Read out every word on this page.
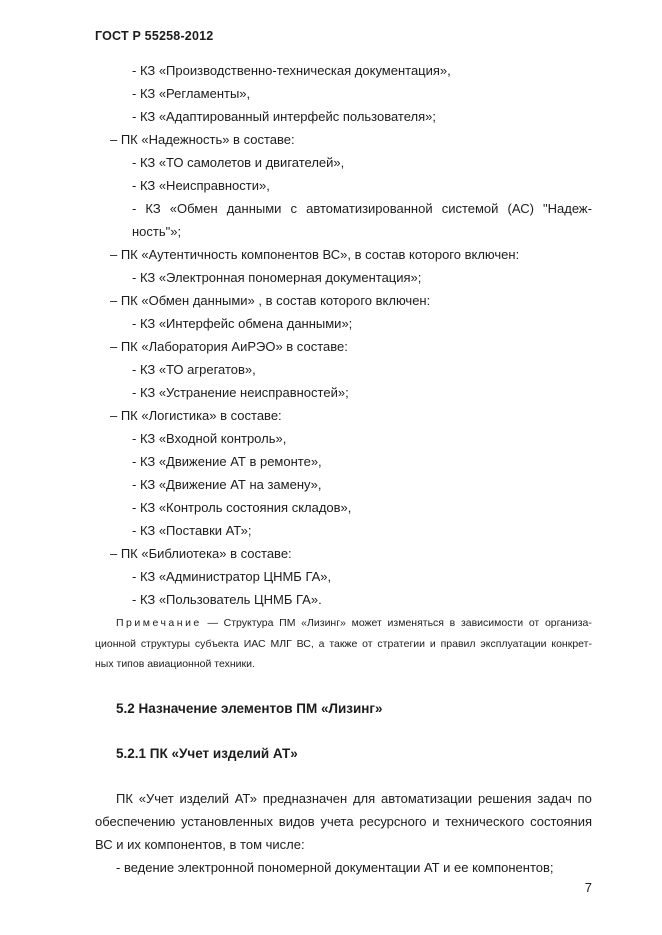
ГОСТ Р 55258-2012
- КЗ «Производственно-техническая документация»,
- КЗ «Регламенты»,
- КЗ «Адаптированный интерфейс пользователя»;
– ПК «Надежность» в составе:
- КЗ «ТО самолетов и двигателей»,
- КЗ «Неисправности»,
- КЗ «Обмен данными с автоматизированной системой (АС) "Надеж-
ность"»;
– ПК «Аутентичность компонентов ВС», в состав которого включен:
- КЗ «Электронная пономерная документация»;
– ПК «Обмен данными» , в состав которого включен:
- КЗ «Интерфейс обмена данными»;
– ПК «Лаборатория АиРЭО» в составе:
- КЗ «ТО агрегатов»,
- КЗ «Устранение неисправностей»;
– ПК «Логистика» в составе:
- КЗ «Входной контроль»,
- КЗ «Движение АТ в ремонте»,
- КЗ «Движение АТ на замену»,
- КЗ «Контроль состояния складов»,
- КЗ «Поставки АТ»;
– ПК «Библиотека» в составе:
- КЗ «Администратор ЦНМБ ГА»,
- КЗ «Пользователь ЦНМБ ГА».
Примечание — Структура ПМ «Лизинг» может изменяться в зависимости от организа-
ционной структуры субъекта ИАС МЛГ ВС, а также от стратегии и правил эксплуатации конкрет-
ных типов авиационной техники.
5.2 Назначение элементов ПМ «Лизинг»
5.2.1 ПК «Учет изделий АТ»
ПК «Учет изделий АТ» предназначен для автоматизации решения задач по
обеспечению установленных видов учета ресурсного и технического состояния
ВС и их компонентов, в том числе:
- ведение электронной пономерной документации АТ и ее компонентов;
7
